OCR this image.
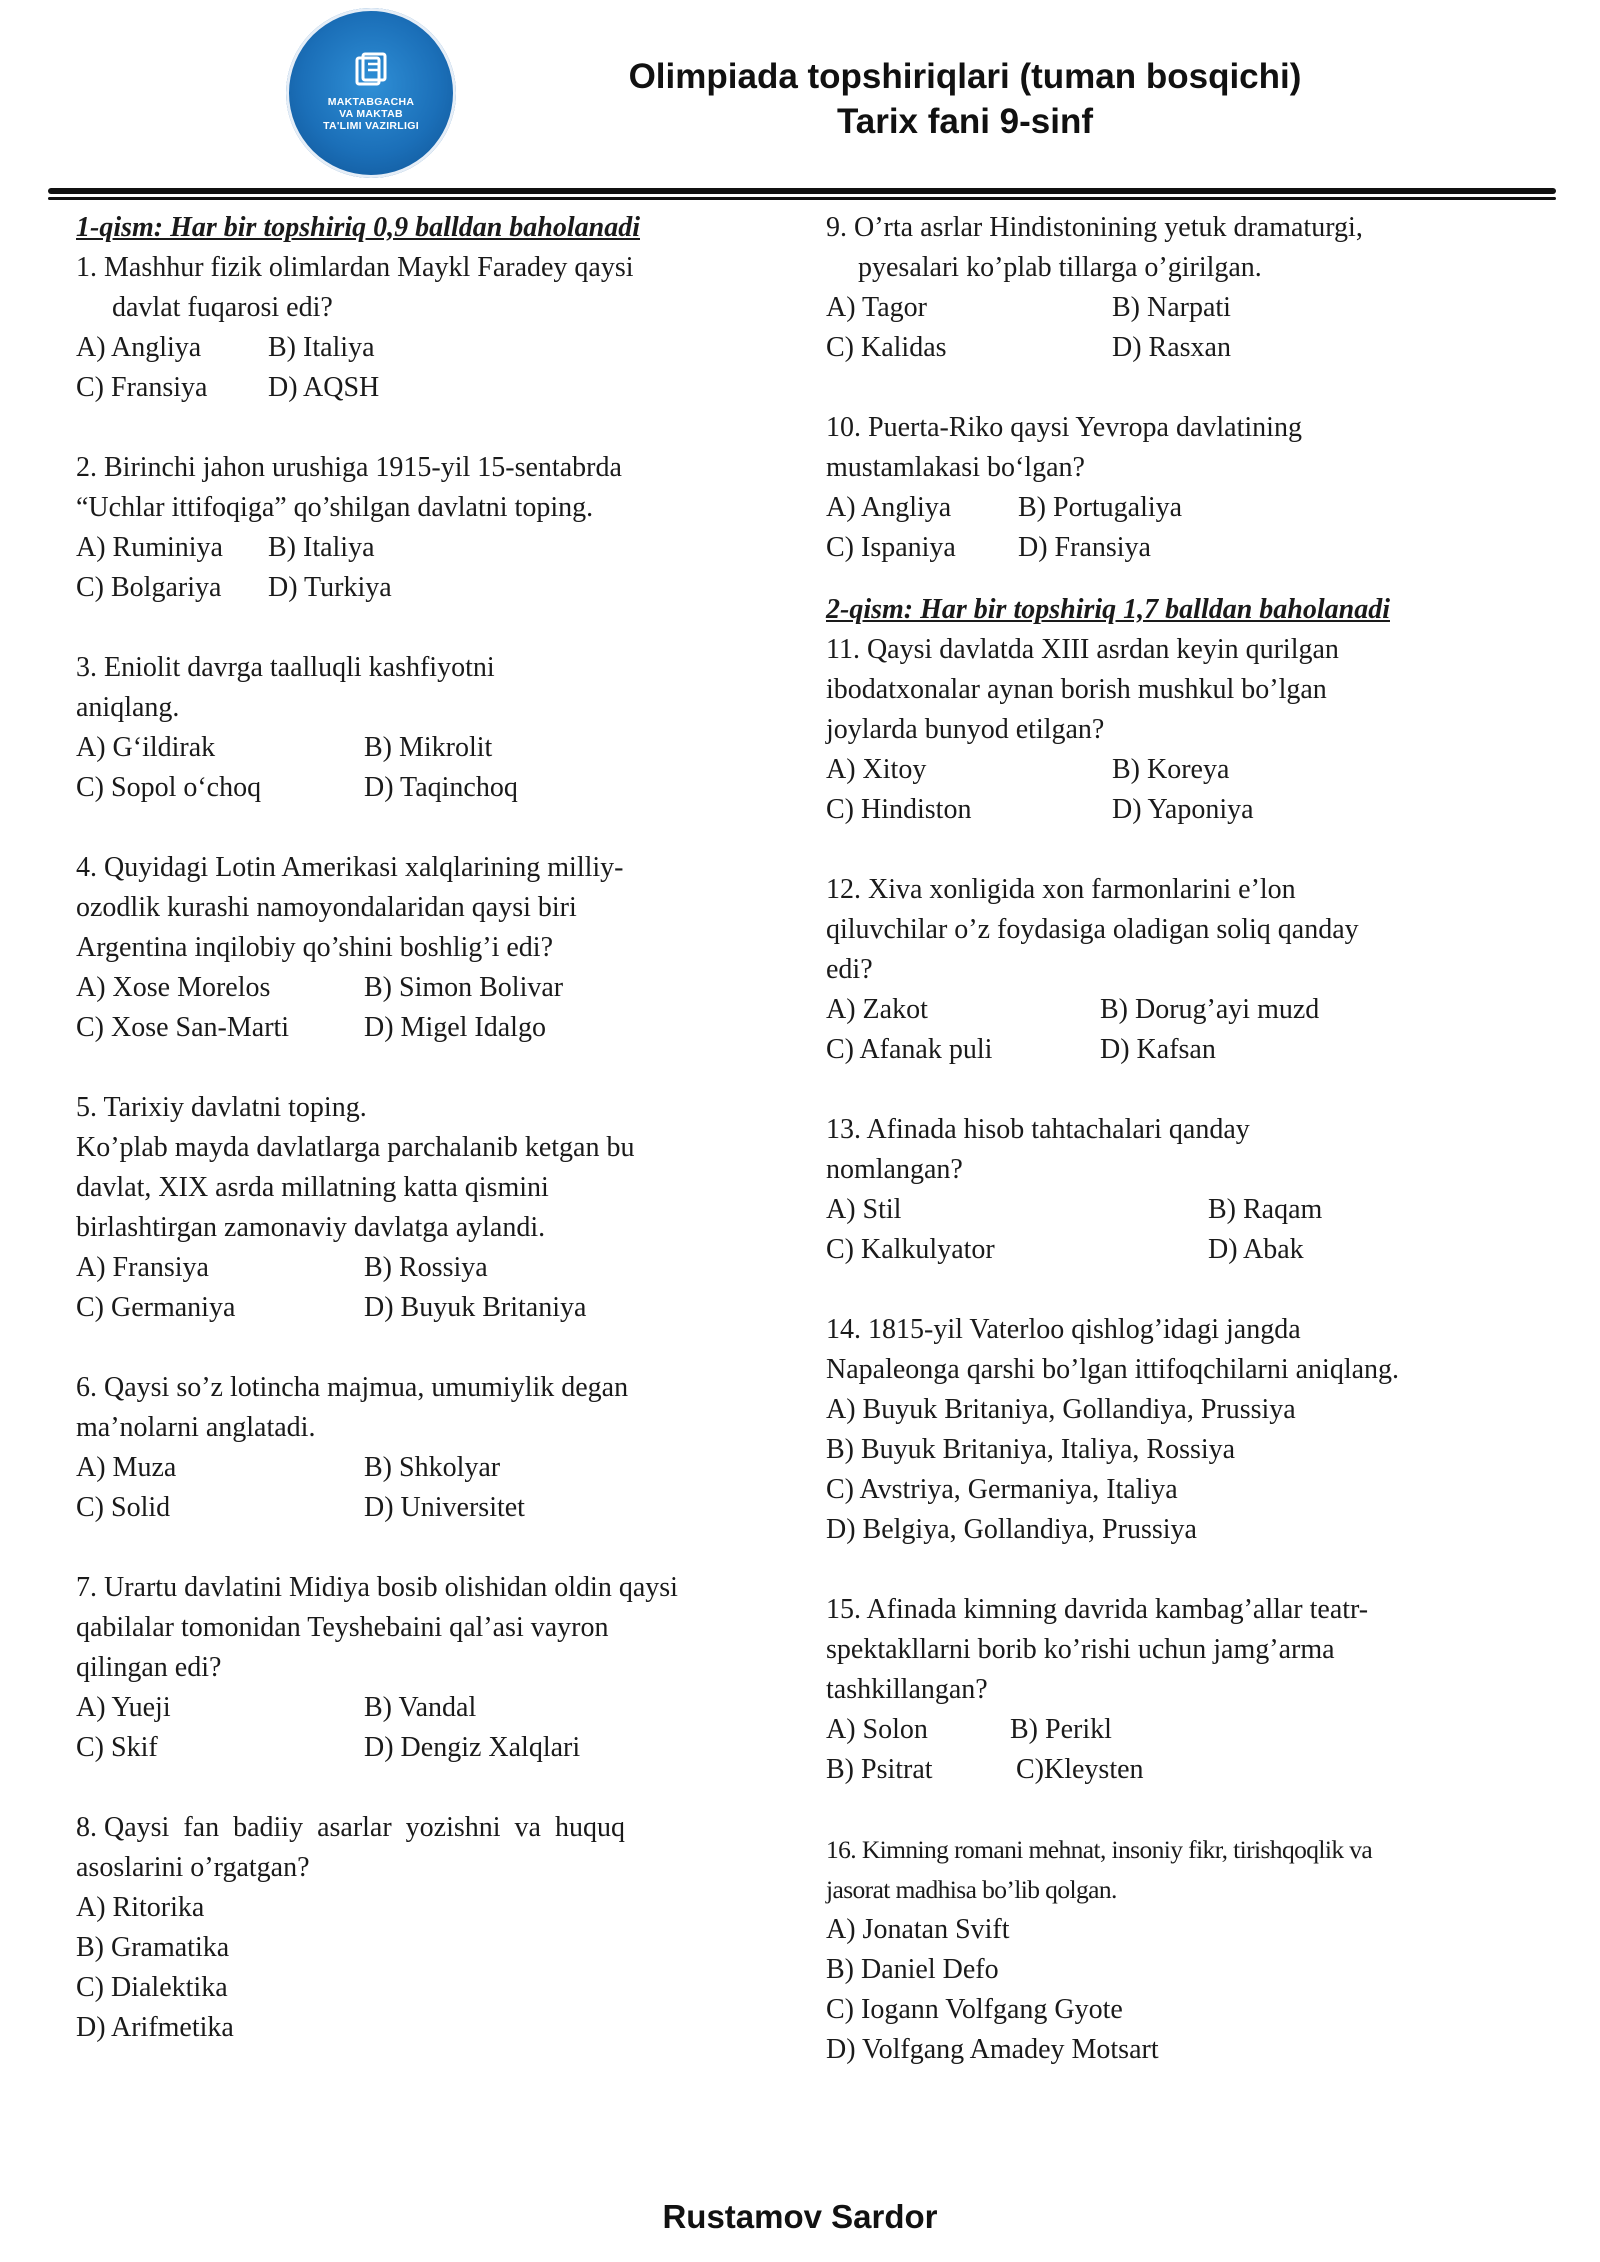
MAKTABGACHA
VA MAKTAB
TA'LIMI VAZIRLIGI
Olimpiada topshiriqlari (tuman bosqichi)
Tarix fani 9-sinf
1-qism: Har bir topshiriq 0,9 balldan baholanadi
1. Mashhur fizik olimlardan Maykl Faradey qaysi
davlat fuqarosi edi?
A) Angliya	B) Italiya
C) Fransiya	D) AQSH
2. Birinchi jahon urushiga 1915-yil 15-sentabrda
“Uchlar ittifoqiga” qo’shilgan davlatni toping.
A) Ruminiya	B) Italiya
C) Bolgariya	D) Turkiya
3. Eniolit davrga taalluqli kashfiyotni
aniqlang.
A) G‘ildirak	B) Mikrolit
C) Sopol o‘choq	D) Taqinchoq
4. Quyidagi Lotin Amerikasi xalqlarining milliy-
ozodlik kurashi namoyondalaridan qaysi biri
Argentina inqilobiy qo’shini boshlig’i edi?
A) Xose Morelos	B) Simon Bolivar
C) Xose San-Marti	D) Migel Idalgo
5. Tarixiy davlatni toping.
Ko’plab mayda davlatlarga parchalanib ketgan bu
davlat, XIX asrda millatning katta qismini
birlashtirgan zamonaviy davlatga aylandi.
A) Fransiya	B) Rossiya
C) Germaniya	D) Buyuk Britaniya
6. Qaysi so’z lotincha majmua, umumiylik degan
ma’nolarni anglatadi.
A) Muza	B) Shkolyar
C) Solid	D) Universitet
7. Urartu davlatini Midiya bosib olishidan oldin qaysi
qabilalar tomonidan Teyshebaini qal’asi vayron
qilingan edi?
A) Yueji	B) Vandal
C) Skif	D) Dengiz Xalqlari
8. Qaysi  fan  badiiy  asarlar  yozishni  va  huquq
asoslarini o’rgatgan?
A) Ritorika
B) Gramatika
C) Dialektika
D) Arifmetika
9. O’rta asrlar Hindistonining yetuk dramaturgi,
pyesalari ko’plab tillarga o’girilgan.
A) Tagor	B) Narpati
C) Kalidas	D) Rasxan
10. Puerta-Riko qaysi Yevropa davlatining
mustamlakasi bo‘lgan?
A) Angliya	B) Portugaliya
C) Ispaniya	D) Fransiya
2-qism: Har bir topshiriq 1,7 balldan baholanadi
11. Qaysi davlatda XIII asrdan keyin qurilgan
ibodatxonalar aynan borish mushkul bo’lgan
joylarda bunyod etilgan?
A) Xitoy	B) Koreya
C) Hindiston	D) Yaponiya
12. Xiva xonligida xon farmonlarini e’lon
qiluvchilar o’z foydasiga oladigan soliq qanday
edi?
A) Zakot	B) Dorug’ayi muzd
C) Afanak puli	D) Kafsan
13. Afinada hisob tahtachalari qanday
nomlangan?
A) Stil	B) Raqam
C) Kalkulyator	D) Abak
14. 1815-yil Vaterloo qishlog’idagi jangda
Napaleonga qarshi bo’lgan ittifoqchilarni aniqlang.
A) Buyuk Britaniya, Gollandiya, Prussiya
B) Buyuk Britaniya, Italiya, Rossiya
C) Avstriya, Germaniya, Italiya
D) Belgiya, Gollandiya, Prussiya
15. Afinada kimning davrida kambag’allar teatr-
spektakllarni borib ko’rishi uchun jamg’arma
tashkillangan?
A) Solon	B) Perikl
B) Psitrat	C)Kleysten
16. Kimning romani mehnat, insoniy fikr, tirishqoqlik va
jasorat madhisa bo’lib qolgan.
A) Jonatan Svift
B) Daniel Defo
C) Iogann Volfgang Gyote
D) Volfgang Amadey Motsart
Rustamov Sardor
